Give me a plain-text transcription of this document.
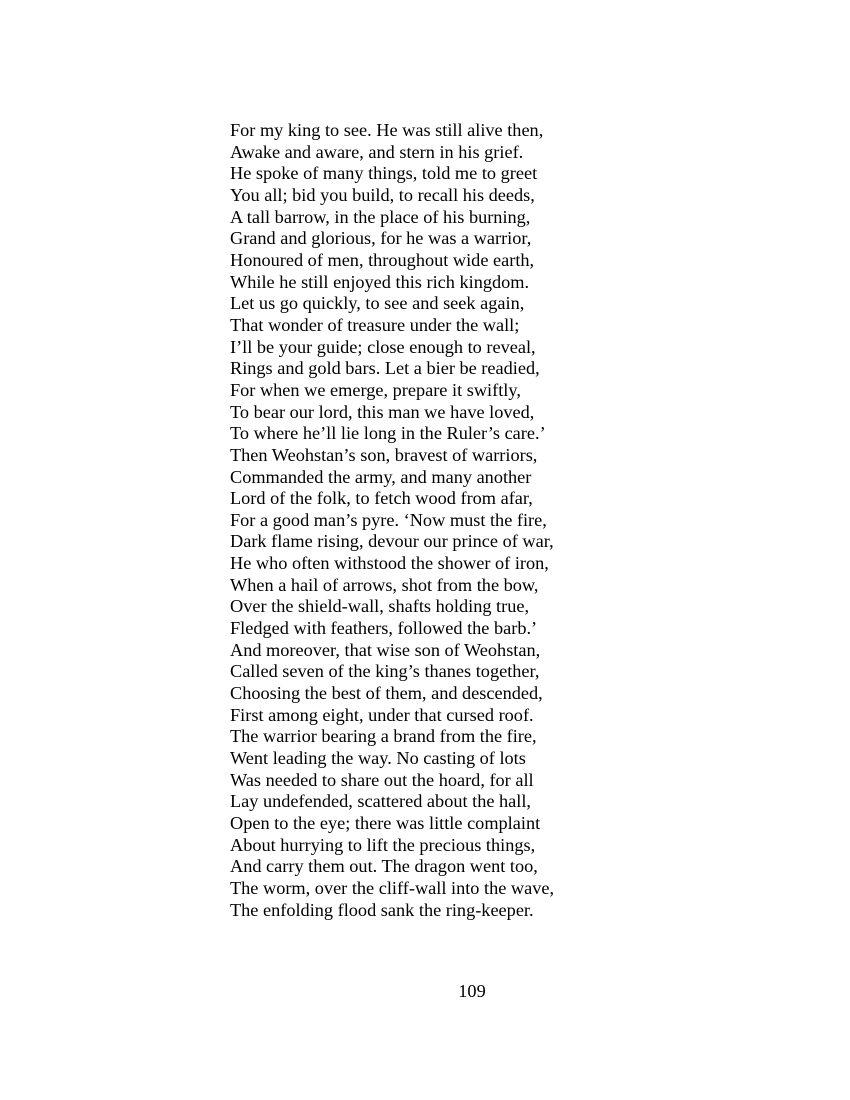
For my king to see. He was still alive then,
Awake and aware, and stern in his grief.
He spoke of many things, told me to greet
You all; bid you build, to recall his deeds,
A tall barrow, in the place of his burning,
Grand and glorious, for he was a warrior,
Honoured of men, throughout wide earth,
While he still enjoyed this rich kingdom.
Let us go quickly, to see and seek again,
That wonder of treasure under the wall;
I’ll be your guide; close enough to reveal,
Rings and gold bars. Let a bier be readied,
For when we emerge, prepare it swiftly,
To bear our lord, this man we have loved,
To where he’ll lie long in the Ruler’s care.’
Then Weohstan’s son, bravest of warriors,
Commanded the army, and many another
Lord of the folk, to fetch wood from afar,
For a good man’s pyre. ‘Now must the fire,
Dark flame rising, devour our prince of war,
He who often withstood the shower of iron,
When a hail of arrows, shot from the bow,
Over the shield-wall, shafts holding true,
Fledged with feathers, followed the barb.’
And moreover, that wise son of Weohstan,
Called seven of the king’s thanes together,
Choosing the best of them, and descended,
First among eight, under that cursed roof.
The warrior bearing a brand from the fire,
Went leading the way. No casting of lots
Was needed to share out the hoard, for all
Lay undefended, scattered about the hall,
Open to the eye; there was little complaint
About hurrying to lift the precious things,
And carry them out. The dragon went too,
The worm, over the cliff-wall into the wave,
The enfolding flood sank the ring-keeper.
109
